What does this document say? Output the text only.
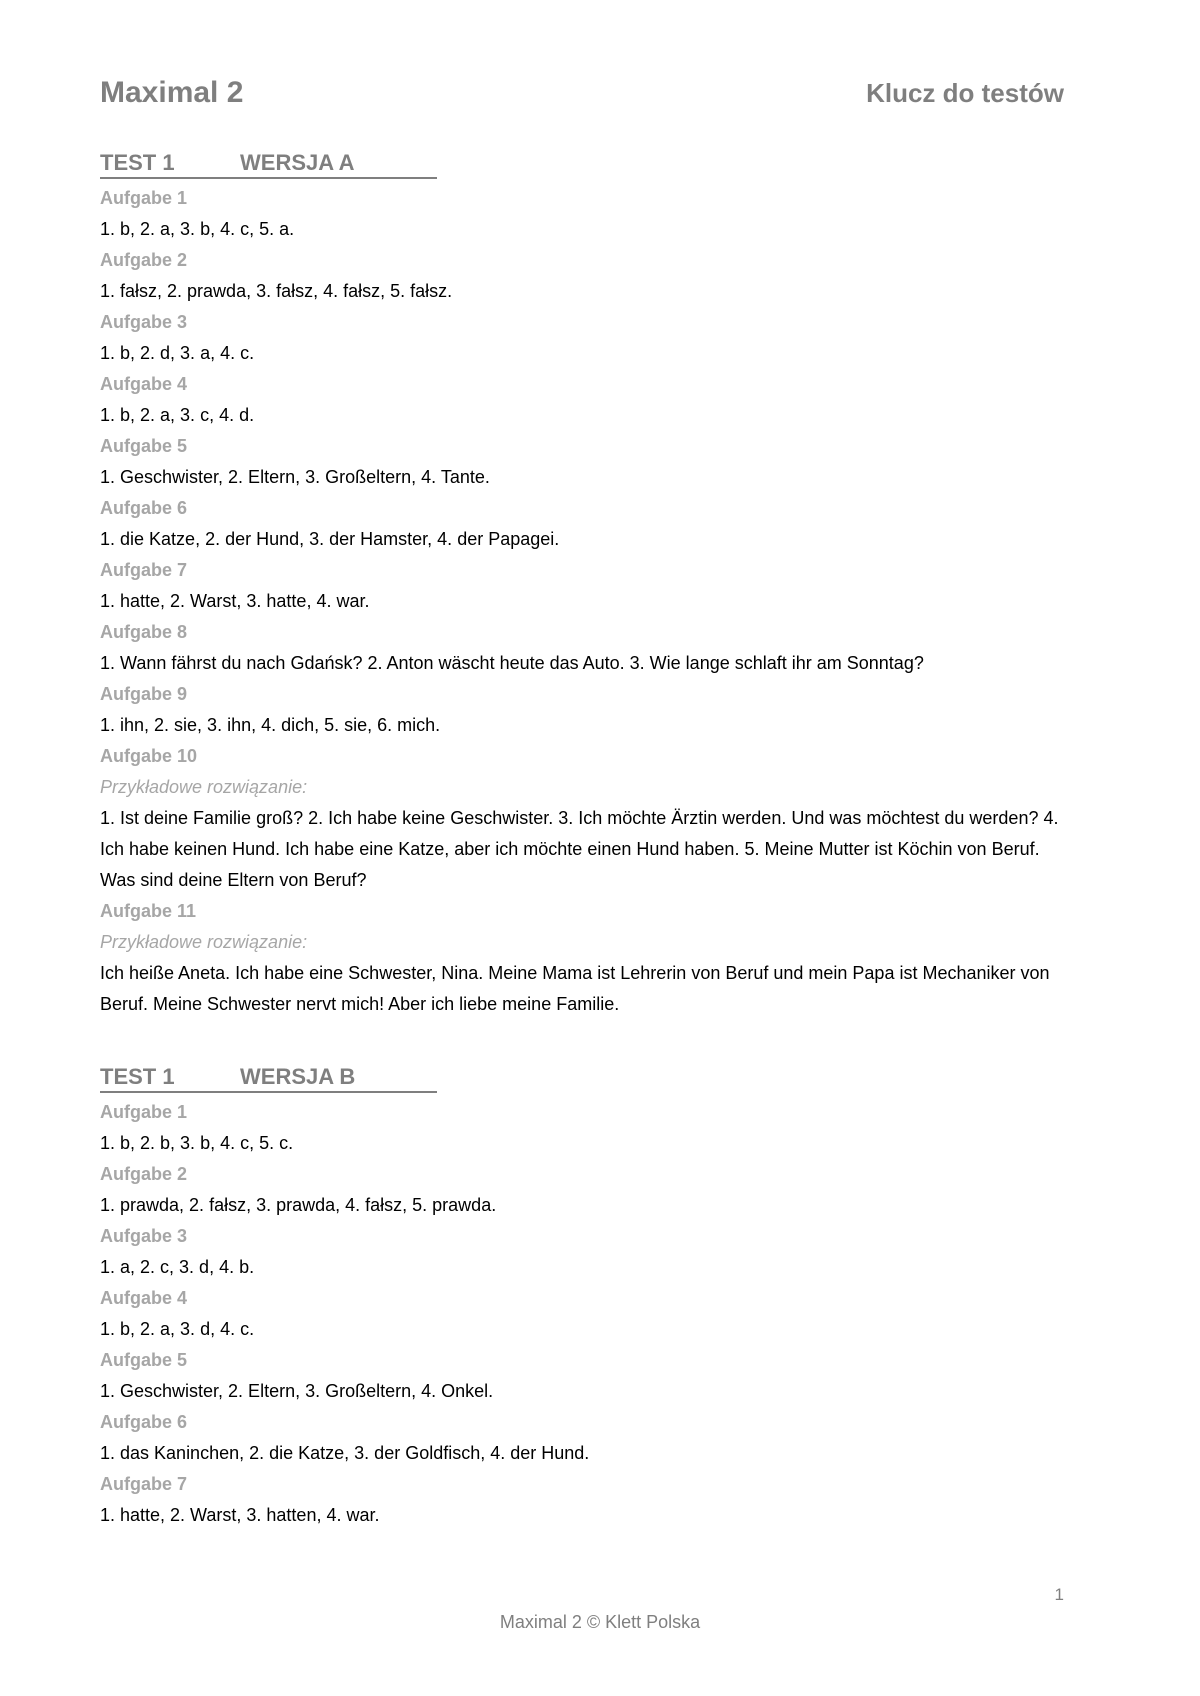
Maximal 2	Klucz do testów
TEST 1	WERSJA A
Aufgabe 1
1. b, 2. a, 3. b, 4. c, 5. a.
Aufgabe 2
1. fałsz, 2. prawda, 3. fałsz, 4. fałsz, 5. fałsz.
Aufgabe 3
1. b, 2. d, 3. a, 4. c.
Aufgabe 4
1. b, 2. a, 3. c, 4. d.
Aufgabe 5
1. Geschwister, 2. Eltern, 3. Großeltern, 4. Tante.
Aufgabe 6
1. die Katze, 2. der Hund, 3. der Hamster, 4. der Papagei.
Aufgabe 7
1. hatte, 2. Warst, 3. hatte, 4. war.
Aufgabe 8
1. Wann fährst du nach Gdańsk? 2. Anton wäscht heute das Auto. 3. Wie lange schlaft ihr am Sonntag?
Aufgabe 9
1. ihn, 2. sie, 3. ihn, 4. dich, 5. sie, 6. mich.
Aufgabe 10
Przykładowe rozwiązanie:
1. Ist deine Familie groß? 2. Ich habe keine Geschwister. 3. Ich möchte Ärztin werden. Und was möchtest du werden? 4. Ich habe keinen Hund. Ich habe eine Katze, aber ich möchte einen Hund haben. 5. Meine Mutter ist Köchin von Beruf. Was sind deine Eltern von Beruf?
Aufgabe 11
Przykładowe rozwiązanie:
Ich heiße Aneta. Ich habe eine Schwester, Nina. Meine Mama ist Lehrerin von Beruf und mein Papa ist Mechaniker von Beruf. Meine Schwester nervt mich! Aber ich liebe meine Familie.
TEST 1	WERSJA B
Aufgabe 1
1. b, 2. b, 3. b, 4. c, 5. c.
Aufgabe 2
1. prawda, 2. fałsz, 3. prawda, 4. fałsz, 5. prawda.
Aufgabe 3
1. a, 2. c, 3. d, 4. b.
Aufgabe 4
1. b, 2. a, 3. d, 4. c.
Aufgabe 5
1. Geschwister, 2. Eltern, 3. Großeltern, 4. Onkel.
Aufgabe 6
1. das Kaninchen, 2. die Katze, 3. der Goldfisch, 4. der Hund.
Aufgabe 7
1. hatte, 2. Warst, 3. hatten, 4. war.
1
Maximal 2 © Klett Polska
